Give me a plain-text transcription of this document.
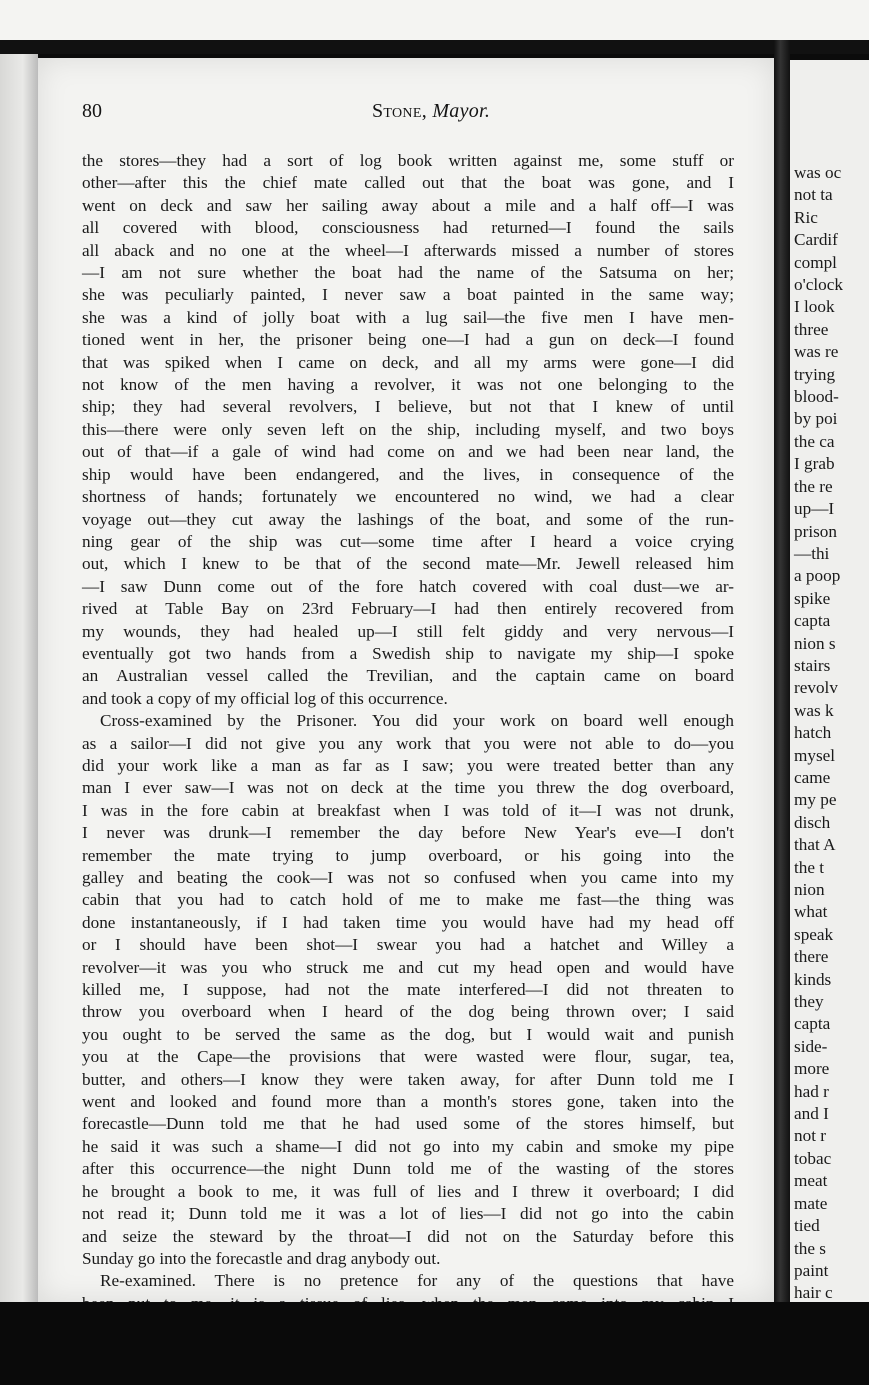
80	Stone, Mayor.
the stores—they had a sort of log book written against me, some stuff or
other—after this the chief mate called out that the boat was gone, and I
went on deck and saw her sailing away about a mile and a half off—I was
all covered with blood, consciousness had returned—I found the sails
all aback and no one at the wheel—I afterwards missed a number of stores
—I am not sure whether the boat had the name of the Satsuma on her;
she was peculiarly painted, I never saw a boat painted in the same way;
she was a kind of jolly boat with a lug sail—the five men I have men-
tioned went in her, the prisoner being one—I had a gun on deck—I found
that was spiked when I came on deck, and all my arms were gone—I did
not know of the men having a revolver, it was not one belonging to the
ship; they had several revolvers, I believe, but not that I knew of until
this—there were only seven left on the ship, including myself, and two boys
out of that—if a gale of wind had come on and we had been near land, the
ship would have been endangered, and the lives, in consequence of the
shortness of hands; fortunately we encountered no wind, we had a clear
voyage out—they cut away the lashings of the boat, and some of the run-
ning gear of the ship was cut—some time after I heard a voice crying
out, which I knew to be that of the second mate—Mr. Jewell released him
—I saw Dunn come out of the fore hatch covered with coal dust—we ar-
rived at Table Bay on 23rd February—I had then entirely recovered from
my wounds, they had healed up—I still felt giddy and very nervous—I
eventually got two hands from a Swedish ship to navigate my ship—I spoke
an Australian vessel called the Trevilian, and the captain came on board
and took a copy of my official log of this occurrence.
Cross-examined by the Prisoner. You did your work on board well enough
as a sailor—I did not give you any work that you were not able to do—you
did your work like a man as far as I saw; you were treated better than any
man I ever saw—I was not on deck at the time you threw the dog overboard,
I was in the fore cabin at breakfast when I was told of it—I was not drunk,
I never was drunk—I remember the day before New Year's eve—I don't
remember the mate trying to jump overboard, or his going into the
galley and beating the cook—I was not so confused when you came into my
cabin that you had to catch hold of me to make me fast—the thing was
done instantaneously, if I had taken time you would have had my head off
or I should have been shot—I swear you had a hatchet and Willey a
revolver—it was you who struck me and cut my head open and would have
killed me, I suppose, had not the mate interfered—I did not threaten to
throw you overboard when I heard of the dog being thrown over; I said
you ought to be served the same as the dog, but I would wait and punish
you at the Cape—the provisions that were wasted were flour, sugar, tea,
butter, and others—I know they were taken away, for after Dunn told me I
went and looked and found more than a month's stores gone, taken into the
forecastle—Dunn told me that he had used some of the stores himself, but
he said it was such a shame—I did not go into my cabin and smoke my pipe
after this occurrence—the night Dunn told me of the wasting of the stores
he brought a book to me, it was full of lies and I threw it overboard; I did
not read it; Dunn told me it was a lot of lies—I did not go into the cabin
and seize the steward by the throat—I did not on the Saturday before this
Sunday go into the forecastle and drag anybody out.
Re-examined. There is no pretence for any of the questions that have
was oc
not ta
Ric
Cardif
compl
o'clock
I look
three
was re
trying
blood-
by poi
the ca
I grab
the re
up—I
prison
—thi
a poop
spike
capta
nion s
stairs
revolv
was k
hatch
mysel
came
my pe
disch
that A
the t
nion
what
speak
there
kinds
they
capta
side-
more
had r
and I
not r
tobac
meat
mate
tied
the s
paint
hair c
